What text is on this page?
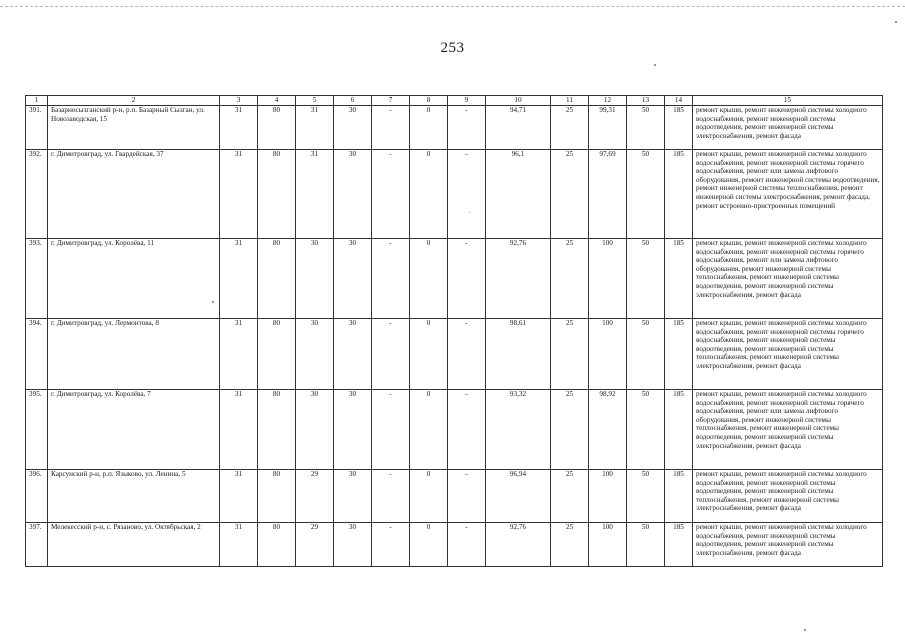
253
1	2	3	4	5	6	7	8	9	10	11	12	13	14	15
391.	Базарносызганский р-н, р.п. Базарный Сызган, ул. Новозаводская, 15	31	80	31	30	-	0	-	94,71	25	99,31	50	185	ремонт крыши, ремонт инженерной системы холодного водоснабжения, ремонт инженерной системы водоотведения, ремонт инженерной системы электроснабжения, ремонт фасада
392.	г. Димитровград, ул. Гвардейская, 37	31	80	31	30	-	0	-	96,1	25	97,69	50	185	ремонт крыши, ремонт инженерной системы холодного водоснабжения, ремонт инженерной системы горячего водоснабжения, ремонт или замена лифтового оборудования, ремонт инженерной системы водоотведения, ремонт инженерной системы теплоснабжения, ремонт инженерной системы электроснабжения, ремонт фасада, ремонт встроенно-пристроенных помещений
393.	г. Димитровград, ул. Королёва, 11	31	80	30	30	-	0	-	92,76	25	100	50	185	ремонт крыши, ремонт инженерной системы холодного водоснабжения, ремонт инженерной системы горячего водоснабжения, ремонт или замена лифтового оборудования, ремонт инженерной системы теплоснабжения, ремонт инженерной системы водоотведения, ремонт инженерной системы электроснабжения, ремонт фасада
394.	г. Димитровград, ул. Лермонтова, 8	31	80	30	30	-	0	-	98,61	25	100	50	185	ремонт крыши, ремонт инженерной системы холодного водоснабжения, ремонт инженерной системы горячего водоснабжения, ремонт инженерной системы водоотведения, ремонт инженерной системы теплоснабжения, ремонт инженерной системы электроснабжения, ремонт фасада
395.	г. Димитровград, ул. Королёва, 7	31	80	30	30	-	0	-	93,32	25	98,92	50	185	ремонт крыши, ремонт инженерной системы холодного водоснабжения, ремонт инженерной системы горячего водоснабжения, ремонт или замена лифтового оборудования, ремонт инженерной системы теплоснабжения, ремонт инженерной системы водоотведения, ремонт инженерной системы электроснабжения, ремонт фасада
396.	Карсунский р-н, р.п. Языково, ул. Ленина, 5	31	80	29	30	-	0	-	96,94	25	100	50	185	ремонт крыши, ремонт инженерной системы холодного водоснабжения, ремонт инженерной системы водоотведения, ремонт инженерной системы теплоснабжения, ремонт инженерной системы электроснабжения, ремонт фасада
397.	Мелекесский р-н, с. Рязаново, ул. Октябрьская, 2	31	80	29	30	-	0	-	92,76	25	100	50	185	ремонт крыши, ремонт инженерной системы холодного водоснабжения, ремонт инженерной системы водоотведения, ремонт инженерной системы электроснабжения, ремонт фасада
